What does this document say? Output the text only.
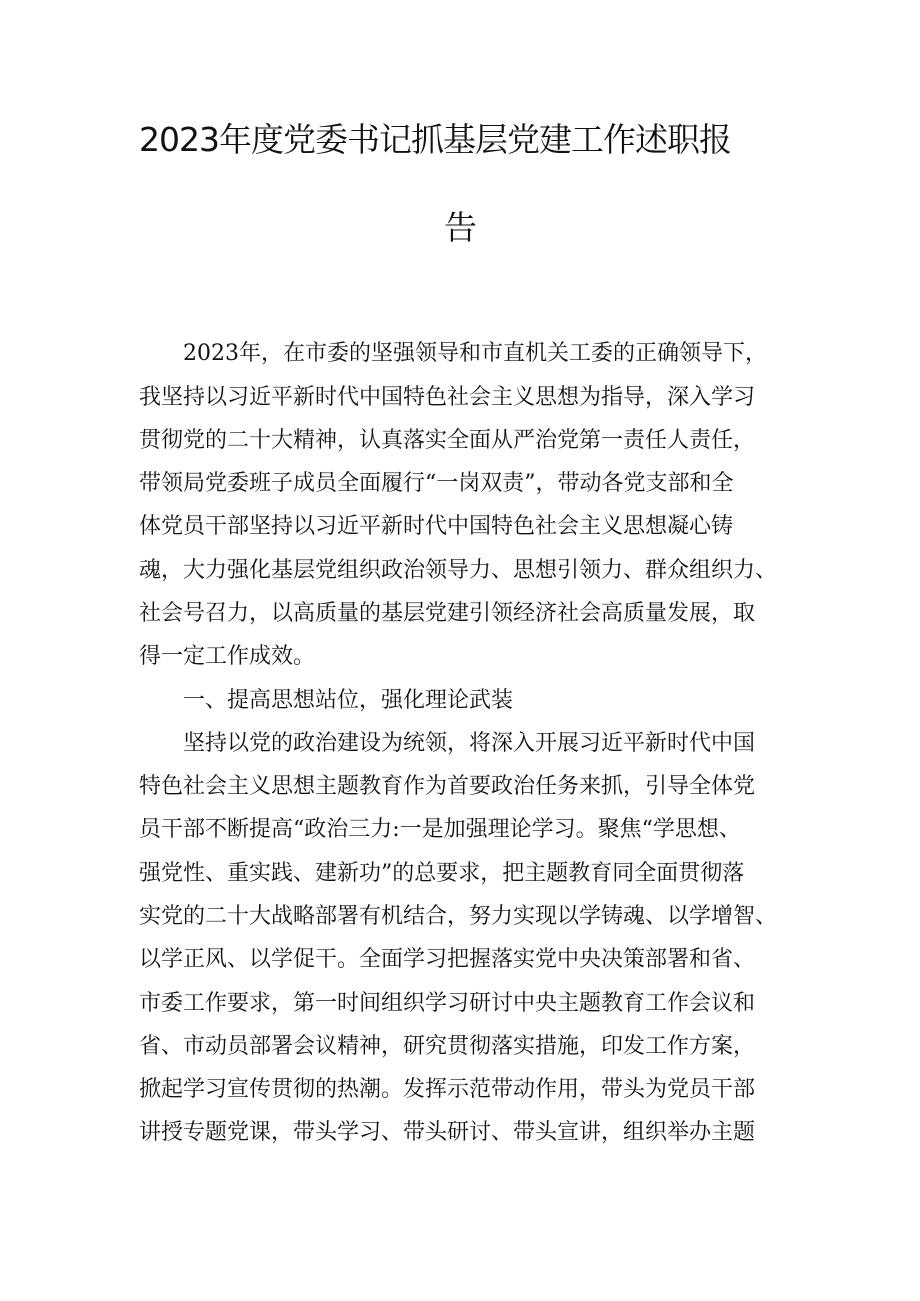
2023年度党委书记抓基层党建工作述职报
告
2023年，在市委的坚强领导和市直机关工委的正确领导下，
我坚持以习近平新时代中国特色社会主义思想为指导，深入学习
贯彻党的二十大精神，认真落实全面从严治党第一责任人责任，
带领局党委班子成员全面履行“一岗双责”，带动各党支部和全
体党员干部坚持以习近平新时代中国特色社会主义思想凝心铸
魂，大力强化基层党组织政治领导力、思想引领力、群众组织力、
社会号召力，以高质量的基层党建引领经济社会高质量发展，取
得一定工作成效。
一、提高思想站位，强化理论武装
坚持以党的政治建设为统领，将深入开展习近平新时代中国
特色社会主义思想主题教育作为首要政治任务来抓，引导全体党
员干部不断提高“政治三力:一是加强理论学习。聚焦“学思想、
强党性、重实践、建新功”的总要求，把主题教育同全面贯彻落
实党的二十大战略部署有机结合，努力实现以学铸魂、以学增智、
以学正风、以学促干。全面学习把握落实党中央决策部署和省、
市委工作要求，第一时间组织学习研讨中央主题教育工作会议和
省、市动员部署会议精神，研究贯彻落实措施，印发工作方案，
掀起学习宣传贯彻的热潮。发挥示范带动作用，带头为党员干部
讲授专题党课，带头学习、带头研讨、带头宣讲，组织举办主题
